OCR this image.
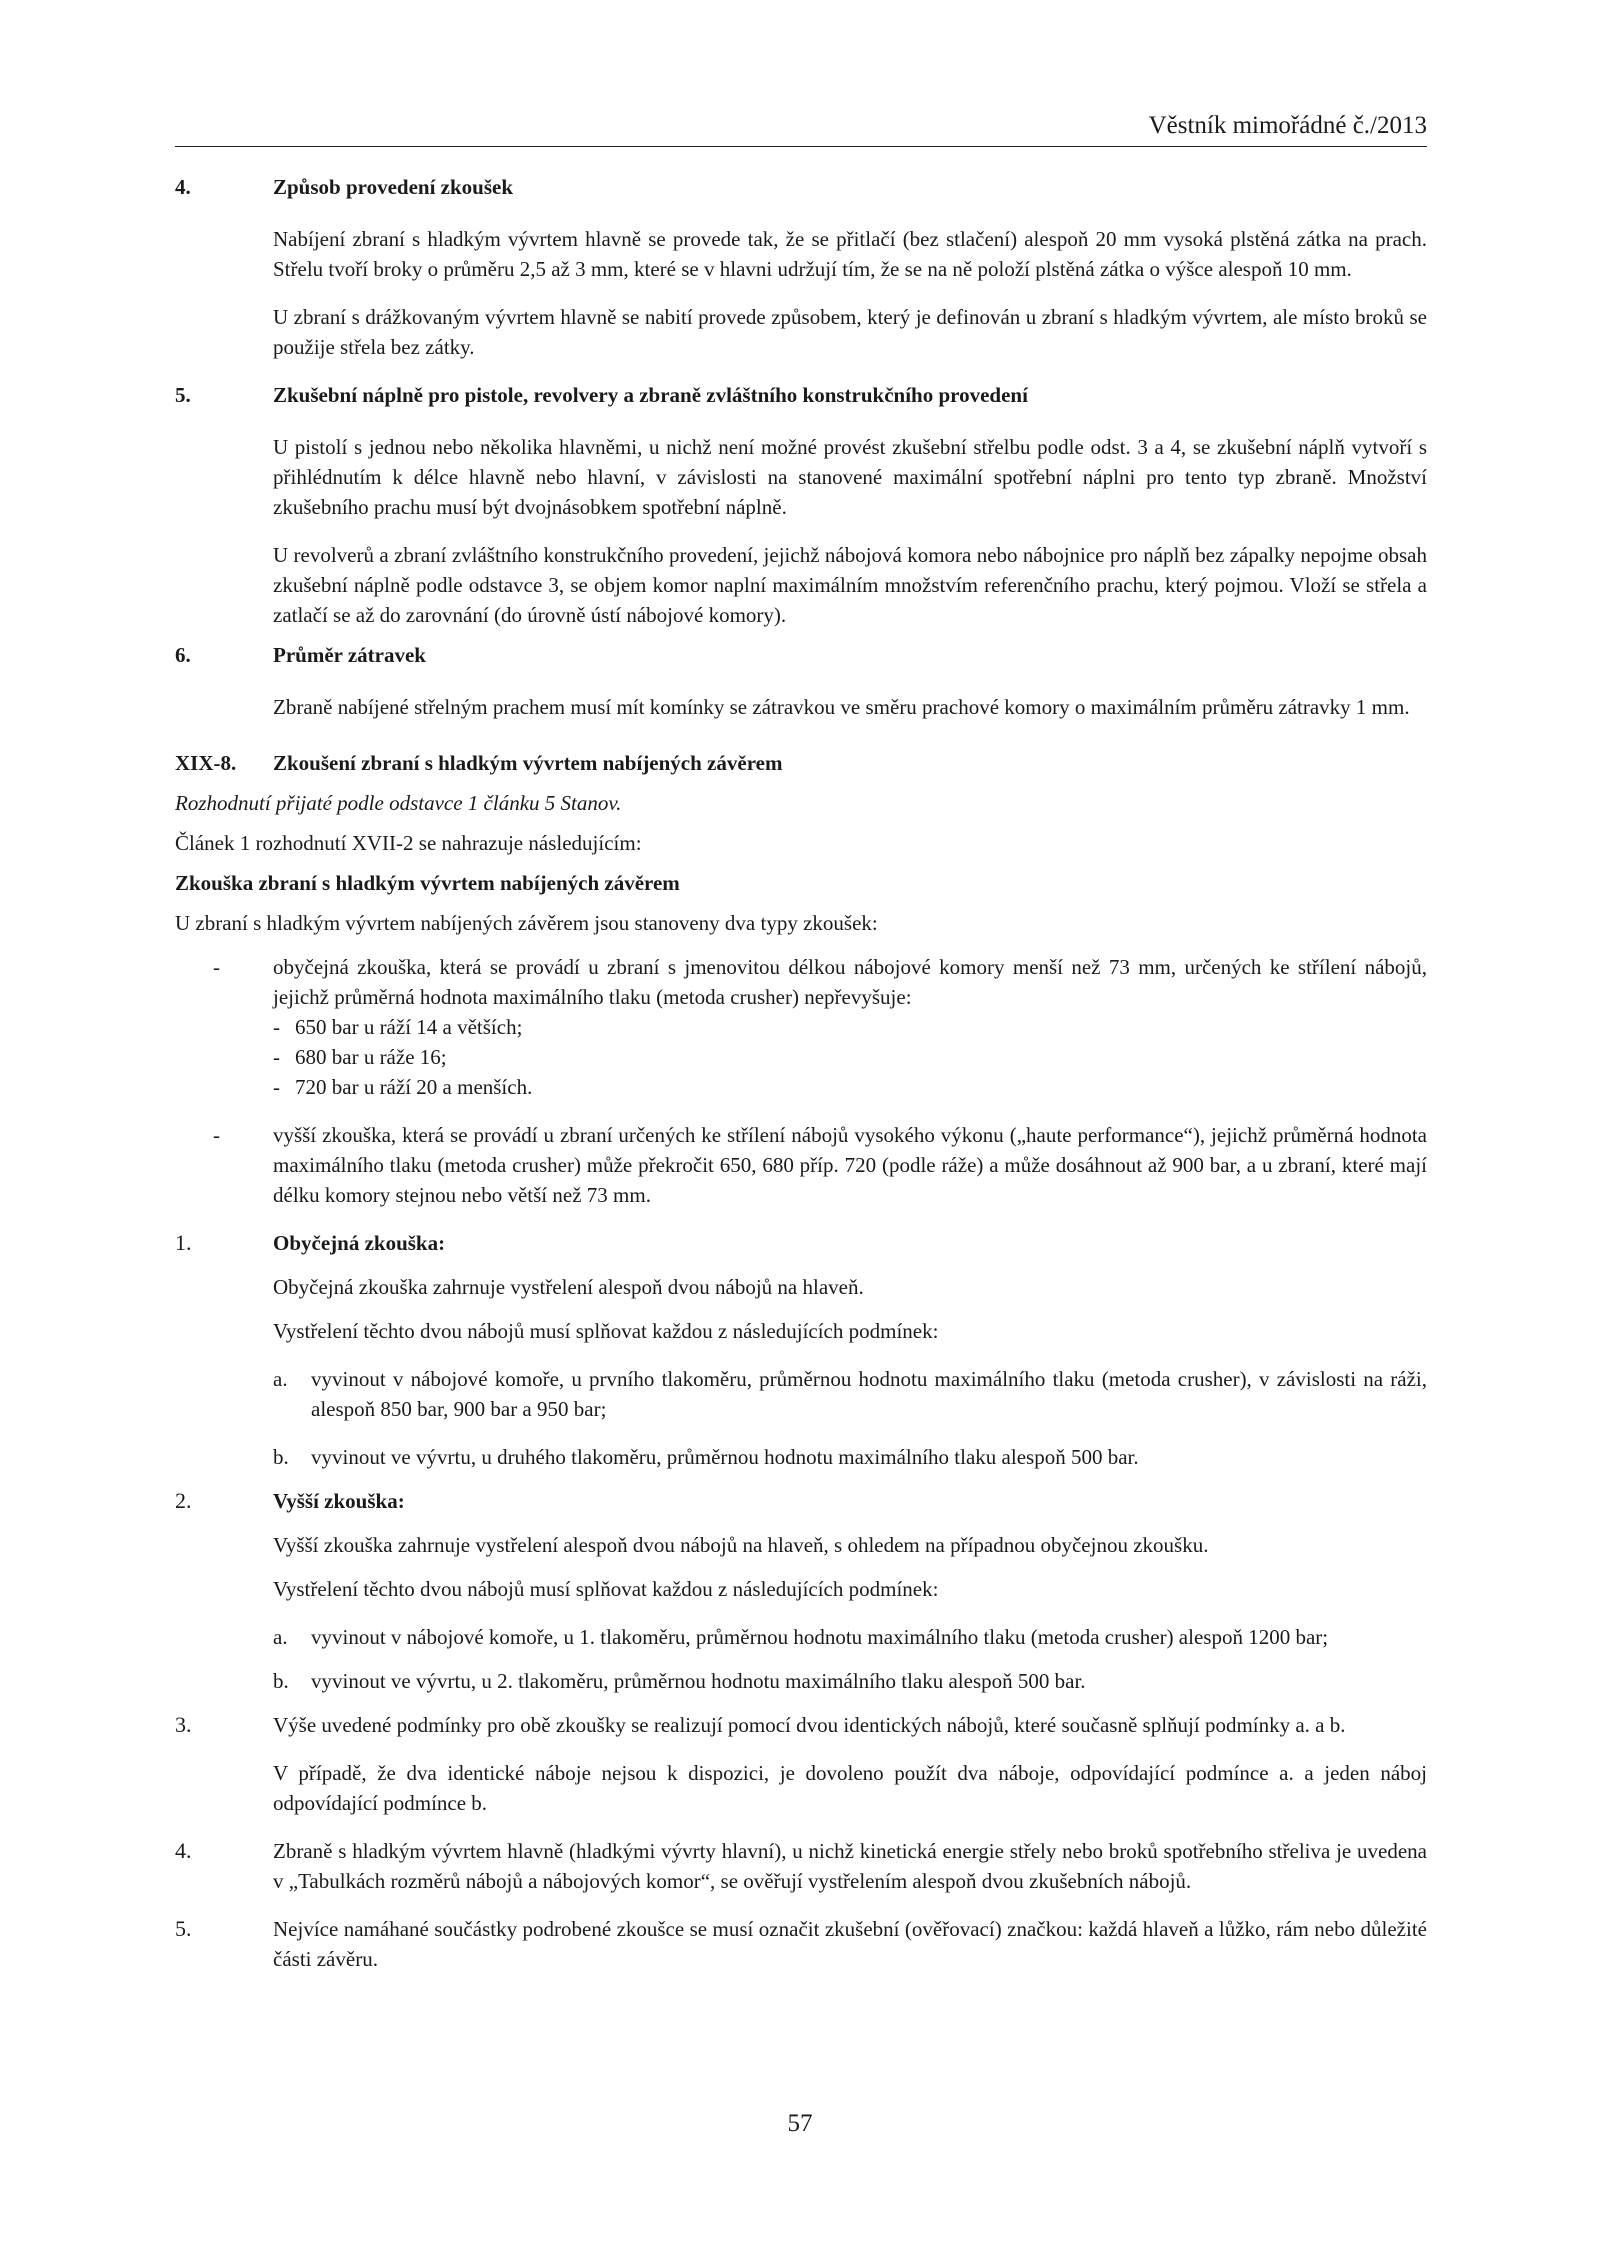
Věstník mimořádné č./2013
4.	Způsob provedení zkoušek
Nabíjení zbraní s hladkým vývrtem hlavně se provede tak, že se přitlačí (bez stlačení) alespoň 20 mm vysoká plstěná zátka na prach. Střelu tvoří broky o průměru 2,5 až 3 mm, které se v hlavni udržují tím, že se na ně položí plstěná zátka o výšce alespoň 10 mm.
U zbraní s drážkovaným vývrtem hlavně se nabití provede způsobem, který je definován u zbraní s hladkým vývrtem, ale místo broků se použije střela bez zátky.
5.	Zkušební náplně pro pistole, revolvery a zbraně zvláštního konstrukčního provedení
U pistolí s jednou nebo několika hlavněmi, u nichž není možné provést zkušební střelbu podle odst. 3 a 4, se zkušební náplň vytvoří s přihlédnutím k délce hlavně nebo hlavní, v závislosti na stanovené maximální spotřební náplni pro tento typ zbraně. Množství zkušebního prachu musí být dvojnásobkem spotřební náplně.
U revolverů a zbraní zvláštního konstrukčního provedení, jejichž nábojová komora nebo nábojnice pro náplň bez zápalky nepojme obsah zkušební náplně podle odstavce 3, se objem komor naplní maximálním množstvím referenčního prachu, který pojmou. Vloží se střela a zatlačí se až do zarovnání (do úrovně ústí nábojové komory).
6.	Průměr zátravek
Zbraně nabíjené střelným prachem musí mít komínky se zátravkou ve směru prachové komory o maximálním průměru zátravky 1 mm.
XIX-8.	Zkoušení zbraní s hladkým vývrtem nabíjených závěrem
Rozhodnutí přijaté podle odstavce 1 článku 5 Stanov.
Článek 1 rozhodnutí XVII-2 se nahrazuje následujícím:
Zkouška zbraní s hladkým vývrtem nabíjených závěrem
U zbraní s hladkým vývrtem nabíjených závěrem jsou stanoveny dva typy zkoušek:
-	obyčejná zkouška, která se provádí u zbraní s jmenovitou délkou nábojové komory menší než 73 mm, určených ke střílení nábojů, jejichž průměrná hodnota maximálního tlaku (metoda crusher) nepřevyšuje:
- 650 bar u ráží 14 a větších;
- 680 bar u ráže 16;
- 720 bar u ráží 20 a menších.
-	vyšší zkouška, která se provádí u zbraní určených ke střílení nábojů vysokého výkonu („haute performance“), jejichž průměrná hodnota maximálního tlaku (metoda crusher) může překročit 650, 680 příp. 720 (podle ráže) a může dosáhnout až 900 bar, a u zbraní, které mají délku komory stejnou nebo větší než 73 mm.
1.	Obyčejná zkouška:
Obyčejná zkouška zahrnuje vystřelení alespoň dvou nábojů na hlaveň.
Vystřelení těchto dvou nábojů musí splňovat každou z následujících podmínek:
a.	vyvinout v nábojové komoře, u prvního tlakoměru, průměrnou hodnotu maximálního tlaku (metoda crusher), v závislosti na ráži, alespoň 850 bar, 900 bar a 950 bar;
b.	vyvinout ve vývrtu, u druhého tlakoměru, průměrnou hodnotu maximálního tlaku alespoň 500 bar.
2.	Vyšší zkouška:
Vyšší zkouška zahrnuje vystřelení alespoň dvou nábojů na hlaveň, s ohledem na případnou obyčejnou zkoušku.
Vystřelení těchto dvou nábojů musí splňovat každou z následujících podmínek:
a.	vyvinout v nábojové komoře, u 1. tlakoměru, průměrnou hodnotu maximálního tlaku (metoda crusher) alespoň 1200 bar;
b.	vyvinout ve vývrtu, u 2. tlakoměru, průměrnou hodnotu maximálního tlaku alespoň 500 bar.
3.	Výše uvedené podmínky pro obě zkoušky se realizují pomocí dvou identických nábojů, které současně splňují podmínky a. a b.
V případě, že dva identické náboje nejsou k dispozici, je dovoleno použít dva náboje, odpovídající podmínce a. a jeden náboj odpovídající podmínce b.
4.	Zbraně s hladkým vývrtem hlavně (hladkými vývrty hlavní), u nichž kinetická energie střely nebo broků spotřebního střeliva je uvedena v „Tabulkách rozměrů nábojů a nábojových komor“, se ověřují vystřelením alespoň dvou zkušebních nábojů.
5.	Nejvíce namáhané součástky podrobené zkoušce se musí označit zkušební (ověřovací) značkou: každá hlaveň a lůžko, rám nebo důležité části závěru.
57
